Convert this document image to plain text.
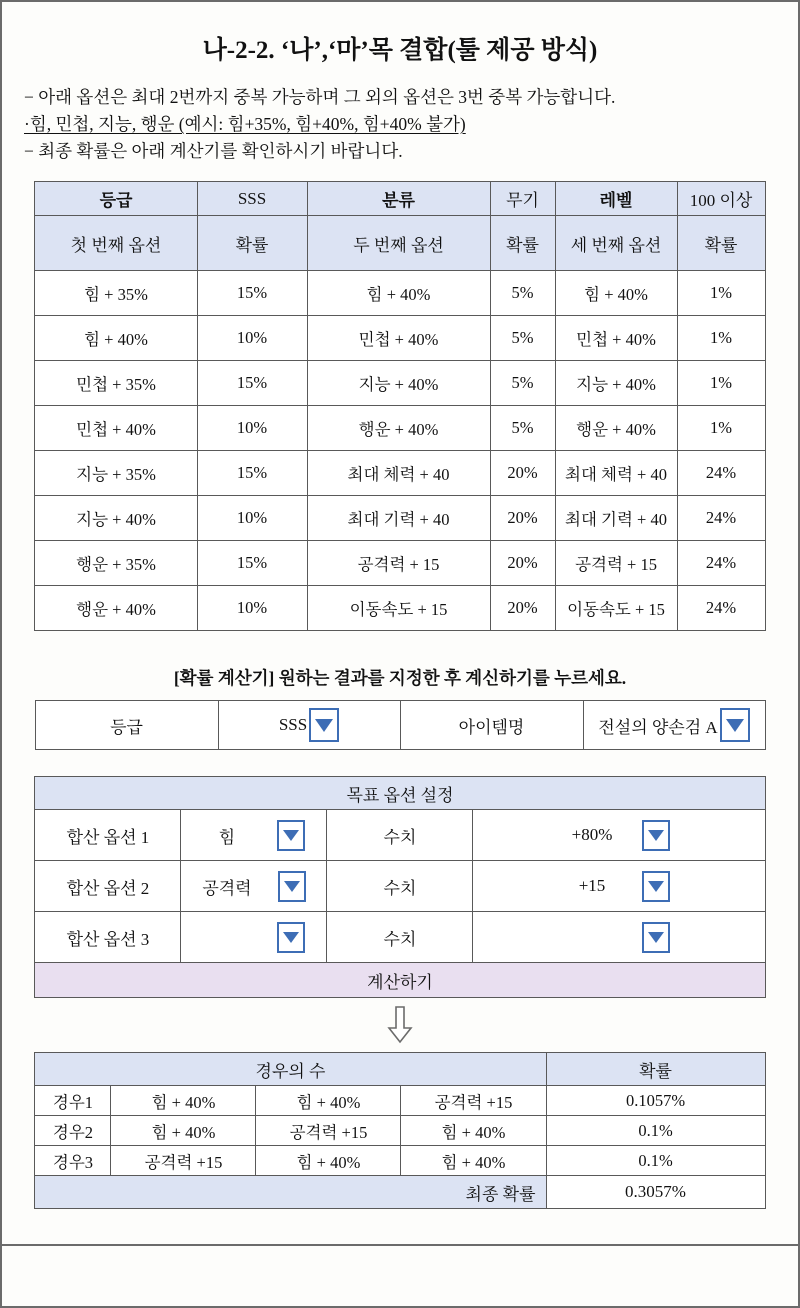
나-2-2. ‘나’,‘마’목 결합(툴 제공 방식)
− 아래 옵션은 최대 2번까지 중복 가능하며 그 외의 옵션은 3번 중복 가능합니다.
·힘, 민첩, 지능, 행운 (예시: 힘+35%, 힘+40%, 힘+40% 불가)
− 최종 확률은 아래 계산기를 확인하시기 바랍니다.
등급	SSS	분류	무기	레벨	100 이상
첫 번째 옵션	확률	두 번째 옵션	확률	세 번째 옵션	확률
힘 + 35%	15%	힘 + 40%	5%	힘 + 40%	1%
힘 + 40%	10%	민첩 + 40%	5%	민첩 + 40%	1%
민첩 + 35%	15%	지능 + 40%	5%	지능 + 40%	1%
민첩 + 40%	10%	행운 + 40%	5%	행운 + 40%	1%
지능 + 35%	15%	최대 체력 + 40	20%	최대 체력 + 40	24%
지능 + 40%	10%	최대 기력 + 40	20%	최대 기력 + 40	24%
행운 + 35%	15%	공격력 + 15	20%	공격력 + 15	24%
행운 + 40%	10%	이동속도 + 15	20%	이동속도 + 15	24%
[확률 계산기] 원하는 결과를 지정한 후 계신하기를 누르세요.
등급	SSS	아이템명	전설의 양손검 A
목표 옵션 설정			
합산 옵션 1	힘	수치	+80%

합산 옵션 2	공격력	수치	+15

합산 옵션 3		수치	

계산하기			
경우의 수				확률
경우1	힘 + 40%	힘 + 40%	공격력 +15	0.1057%
경우2	힘 + 40%	공격력 +15	힘 + 40%	0.1%
경우3	공격력 +15	힘 + 40%	힘 + 40%	0.1%
최종 확률				0.3057%
